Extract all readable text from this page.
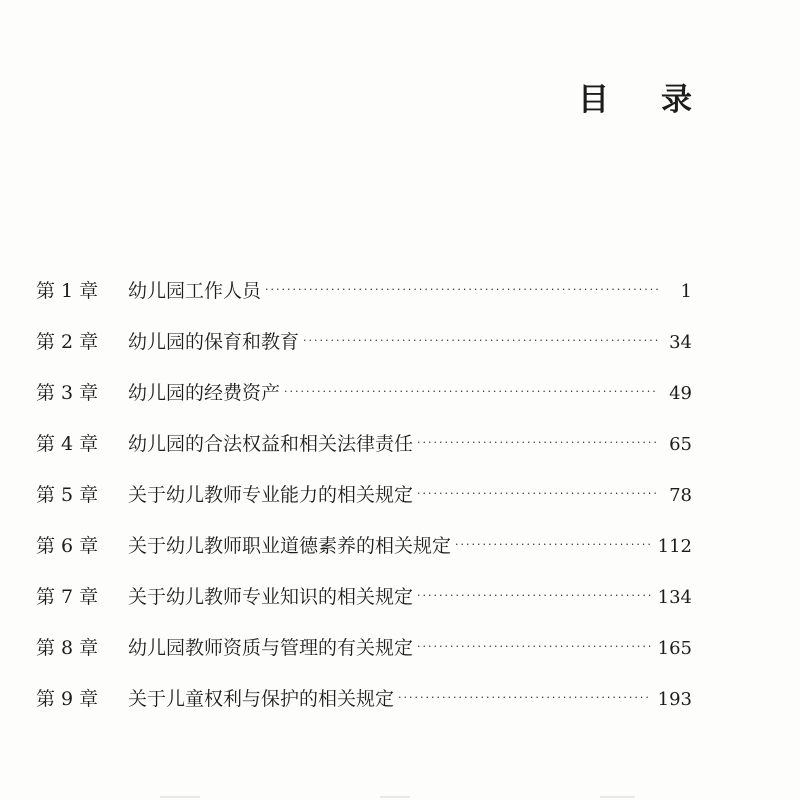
目 录
第 1 章	幼儿园工作人员 ·····	1
第 2 章	幼儿园的保育和教育 ·····	34
第 3 章	幼儿园的经费资产 ·····	49
第 4 章	幼儿园的合法权益和相关法律责任 ·····	65
第 5 章	关于幼儿教师专业能力的相关规定 ·····	78
第 6 章	关于幼儿教师职业道德素养的相关规定 ·····	112
第 7 章	关于幼儿教师专业知识的相关规定 ·····	134
第 8 章	幼儿园教师资质与管理的有关规定 ·····	165
第 9 章	关于儿童权利与保护的相关规定 ·····	193
